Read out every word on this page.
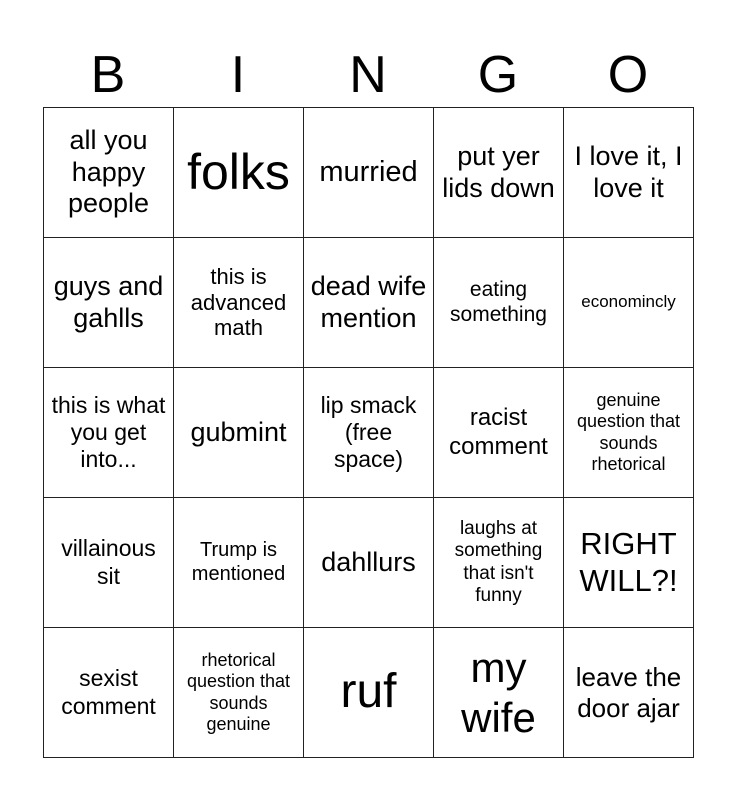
B	I	N	G	O
all you happy people	folks	murried	put yer lids down	I love it, I love it
guys and gahlls	this is advanced math	dead wife mention	eating something	economincly
this is what you get into...	gubmint	lip smack (free space)	racist comment	genuine question that sounds rhetorical
villainous sit	Trump is mentioned	dahllurs	laughs at something that isn't funny	RIGHT WILL?!
sexist comment	rhetorical question that sounds genuine	ruf	my wife	leave the door ajar
